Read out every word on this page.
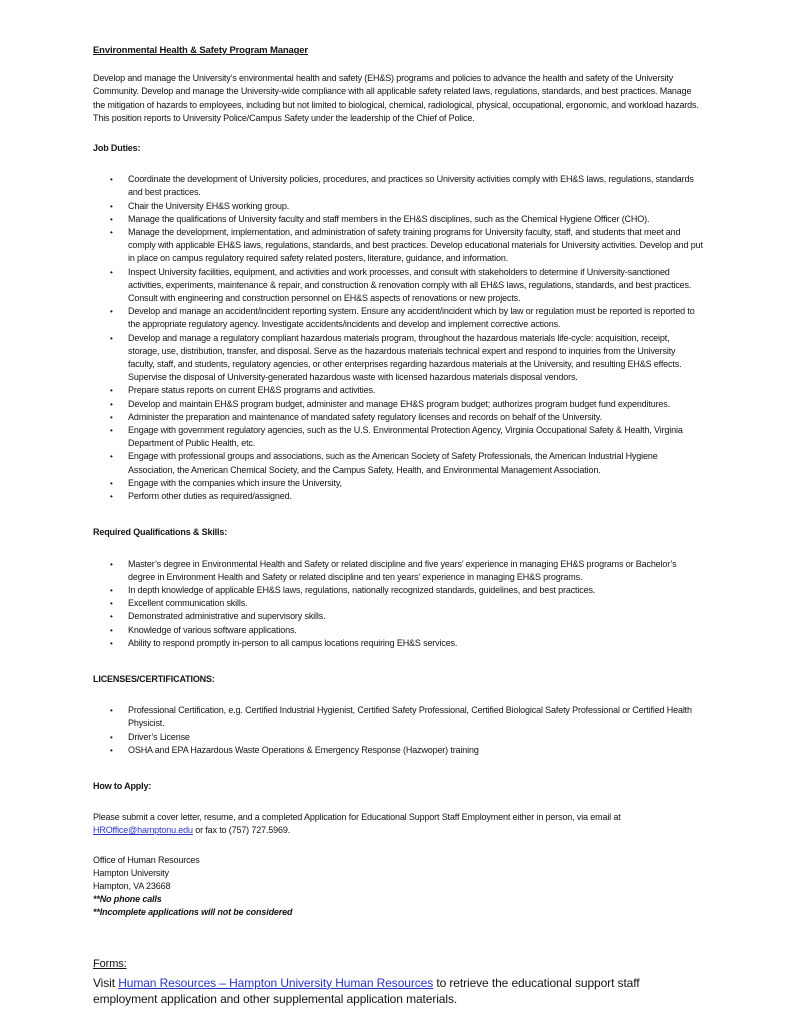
Environmental Health & Safety Program Manager

Develop and manage the University’s environmental health and safety (EH&S) programs and policies to advance the health and safety of the University Community. Develop and manage the University-wide compliance with all applicable safety related laws, regulations, standards, and best practices. Manage the mitigation of hazards to employees, including but not limited to biological, chemical, radiological, physical, occupational, ergonomic, and workload hazards. This position reports to University Police/Campus Safety under the leadership of the Chief of Police.

Job Duties:
• Coordinate the development of University policies, procedures, and practices so University activities comply with EH&S laws, regulations, standards and best practices.
• Chair the University EH&S working group.
• Manage the qualifications of University faculty and staff members in the EH&S disciplines, such as the Chemical Hygiene Officer (CHO).
• Manage the development, implementation, and administration of safety training programs for University faculty, staff, and students that meet and comply with applicable EH&S laws, regulations, standards, and best practices. Develop educational materials for University activities. Develop and put in place on campus regulatory required safety related posters, literature, guidance, and information.
• Inspect University facilities, equipment, and activities and work processes, and consult with stakeholders to determine if University-sanctioned activities, experiments, maintenance & repair, and construction & renovation comply with all EH&S laws, regulations, standards, and best practices. Consult with engineering and construction personnel on EH&S aspects of renovations or new projects.
• Develop and manage an accident/incident reporting system. Ensure any accident/incident which by law or regulation must be reported is reported to the appropriate regulatory agency. Investigate accidents/incidents and develop and implement corrective actions.
• Develop and manage a regulatory compliant hazardous materials program, throughout the hazardous materials life-cycle: acquisition, receipt, storage, use, distribution, transfer, and disposal. Serve as the hazardous materials technical expert and respond to inquiries from the University faculty, staff, and students, regulatory agencies, or other enterprises regarding hazardous materials at the University, and resulting EH&S effects. Supervise the disposal of University-generated hazardous waste with licensed hazardous materials disposal vendors.
• Prepare status reports on current EH&S programs and activities.
• Develop and maintain EH&S program budget, administer and manage EH&S program budget; authorizes program budget fund expenditures.
• Administer the preparation and maintenance of mandated safety regulatory licenses and records on behalf of the University.
• Engage with government regulatory agencies, such as the U.S. Environmental Protection Agency, Virginia Occupational Safety & Health, Virginia Department of Public Health, etc.
• Engage with professional groups and associations, such as the American Society of Safety Professionals, the American Industrial Hygiene Association, the American Chemical Society, and the Campus Safety, Health, and Environmental Management Association.
• Engage with the companies which insure the University,
• Perform other duties as required/assigned.
Required Qualifications & Skills:
• Master’s degree in Environmental Health and Safety or related discipline and five years’ experience in managing EH&S programs or Bachelor’s degree in Environment Health and Safety or related discipline and ten years’ experience in managing EH&S programs.
• In depth knowledge of applicable EH&S laws, regulations, nationally recognized standards, guidelines, and best practices.
• Excellent communication skills.
• Demonstrated administrative and supervisory skills.
• Knowledge of various software applications.
• Ability to respond promptly in-person to all campus locations requiring EH&S services.
LICENSES/CERTIFICATIONS:
• Professional Certification, e.g. Certified Industrial Hygienist, Certified Safety Professional, Certified Biological Safety Professional or Certified Health Physicist.
• Driver’s License
• OSHA and EPA Hazardous Waste Operations & Emergency Response (Hazwoper) training
How to Apply:

Please submit a cover letter, resume, and a completed Application for Educational Support Staff Employment either in person, via email at HROffice@hamptonu.edu or fax to (757) 727.5969.

Office of Human Resources

Hampton University

Hampton, VA 23668

**No phone calls

**Incomplete applications will not be considered

Forms:

Visit Human Resources – Hampton University Human Resources to retrieve the educational support staff employment application and other supplemental application materials.
